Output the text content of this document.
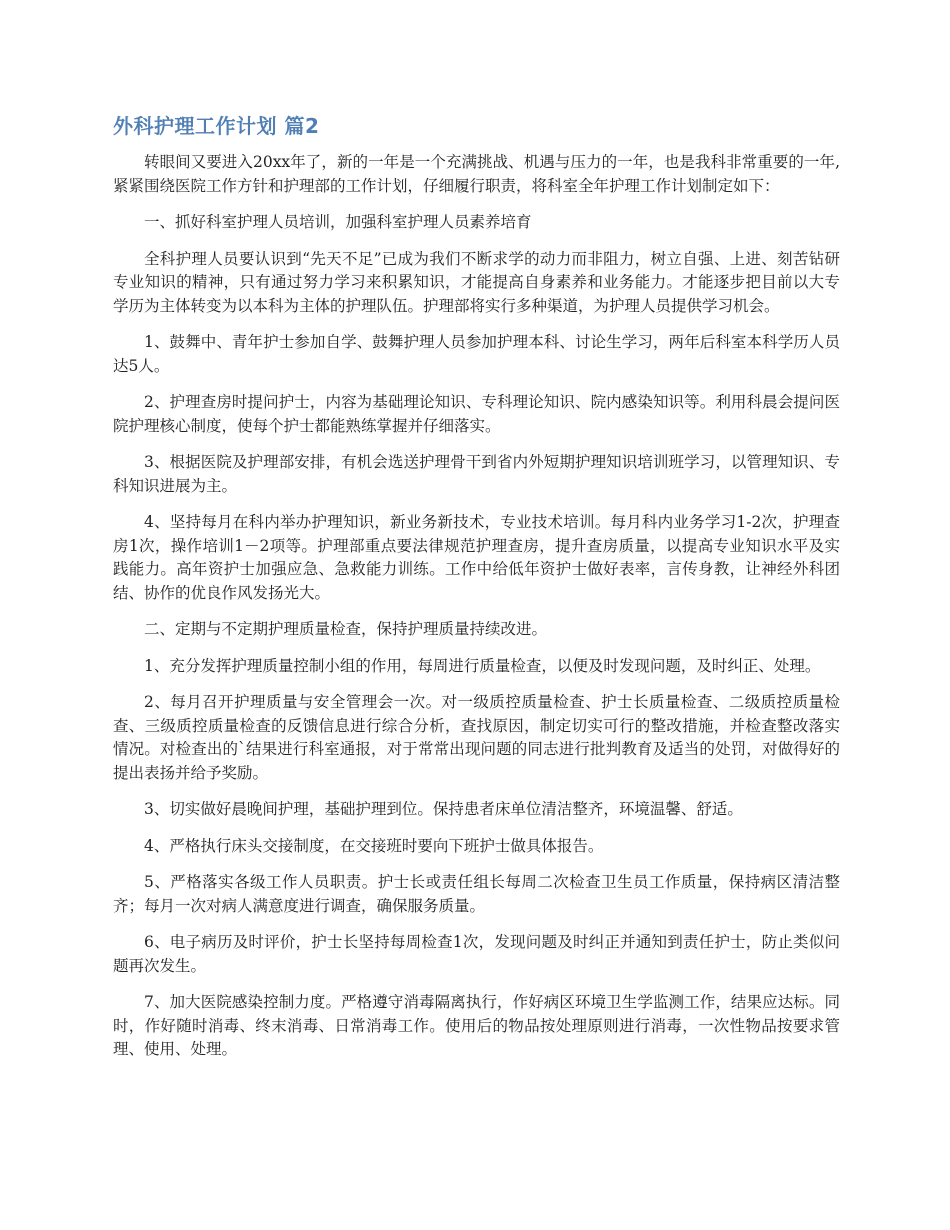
外科护理工作计划 篇2

转眼间又要进入20xx年了，新的一年是一个充满挑战、机遇与压力的一年，也是我科非常重要的一年,紧紧围绕医院工作方针和护理部的工作计划，仔细履行职责，将科室全年护理工作计划制定如下：

一、抓好科室护理人员培训，加强科室护理人员素养培育

全科护理人员要认识到“先天不足”已成为我们不断求学的动力而非阻力，树立自强、上进、刻苦钻研专业知识的精神，只有通过努力学习来积累知识，才能提高自身素养和业务能力。才能逐步把目前以大专学历为主体转变为以本科为主体的护理队伍。护理部将实行多种渠道，为护理人员提供学习机会。

1、鼓舞中、青年护士参加自学、鼓舞护理人员参加护理本科、讨论生学习，两年后科室本科学历人员达5人。

2、护理查房时提问护士，内容为基础理论知识、专科理论知识、院内感染知识等。利用科晨会提问医院护理核心制度，使每个护士都能熟练掌握并仔细落实。

3、根据医院及护理部安排，有机会选送护理骨干到省内外短期护理知识培训班学习，以管理知识、专科知识进展为主。

4、坚持每月在科内举办护理知识，新业务新技术，专业技术培训。每月科内业务学习1-2次，护理查房1次，操作培训1－2项等。护理部重点要法律规范护理查房，提升查房质量，以提高专业知识水平及实践能力。高年资护士加强应急、急救能力训练。工作中给低年资护士做好表率，言传身教，让神经外科团结、协作的优良作风发扬光大。

二、定期与不定期护理质量检查，保持护理质量持续改进。

1、充分发挥护理质量控制小组的作用，每周进行质量检查，以便及时发现问题，及时纠正、处理。

2、每月召开护理质量与安全管理会一次。对一级质控质量检查、护士长质量检查、二级质控质量检查、三级质控质量检查的反馈信息进行综合分析，查找原因，制定切实可行的整改措施，并检查整改落实情况。对检查出的`结果进行科室通报，对于常常出现问题的同志进行批判教育及适当的处罚，对做得好的提出表扬并给予奖励。

3、切实做好晨晚间护理，基础护理到位。保持患者床单位清洁整齐，环境温馨、舒适。

4、严格执行床头交接制度，在交接班时要向下班护士做具体报告。

5、严格落实各级工作人员职责。护士长或责任组长每周二次检查卫生员工作质量，保持病区清洁整齐；每月一次对病人满意度进行调查，确保服务质量。

6、电子病历及时评价，护士长坚持每周检查1次，发现问题及时纠正并通知到责任护士，防止类似问题再次发生。

7、加大医院感染控制力度。严格遵守消毒隔离执行，作好病区环境卫生学监测工作，结果应达标。同时，作好随时消毒、终末消毒、日常消毒工作。使用后的物品按处理原则进行消毒，一次性物品按要求管理、使用、处理。
